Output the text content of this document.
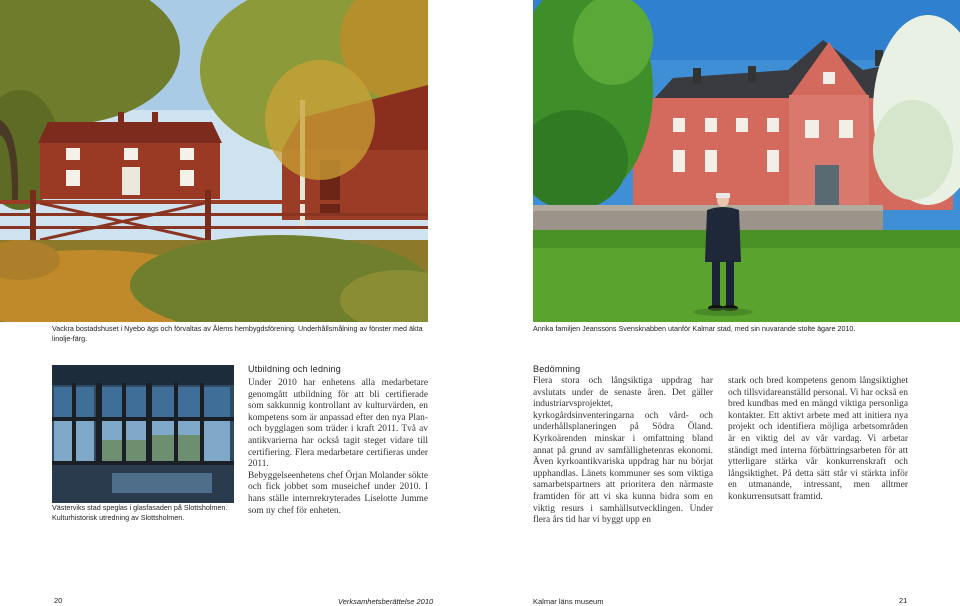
Vackra bostadshuset i Nyebo ägs och förvaltas av Ålems hembygdsförening. Underhållsmålning av fönster med äkta linolje-färg.
Västerviks stad speglas i glasfasaden på Slottsholmen.
Kulturhistorisk utredning av Slottsholmen.
Utbildning och ledning

Under 2010 har enhetens alla medarbetare genomgått utbildning för att bli certifierade som sakkunnig kontrollant av kulturvärden, en kompetens som är anpassad efter den nya Plan- och bygglagen som träder i kraft 2011. Två av antikvarierna har också tagit steget vidare till certifiering. Flera medarbetare certifieras under 2011.

Bebyggelseenhetens chef Örjan Molander sökte och fick jobbet som museichef under 2010. I hans ställe internrekryterades Liselotte Jumme som ny chef för enheten.

20	Verksamhetsberättelse 2010
Anrika familjen Jeanssons Svensknabben utanför Kalmar stad, med sin nuvarande stolte ägare 2010.
Bedömning
Flera stora och långsiktiga uppdrag har avslutats under de senaste åren. Det gäller industriarvsprojektet, kyrkogårdsinventeringarna och vård- och underhållsplaneringen på Södra Öland. Kyrkoärenden minskar i omfattning bland annat på grund av samfällighetenras ekonomi. Även kyrkoantikvariska uppdrag har nu börjat upphandlas. Länets kommuner ses som viktiga samarbetspartners att prioritera den närmaste framtiden för att vi ska kunna bidra som en viktig resurs i samhällsutvecklingen. Under flera års tid har vi byggt upp en
stark och bred kompetens genom långsiktighet och tillsvidareanställd personal. Vi har också en bred kundbas med en mängd viktiga personliga kontakter. Ett aktivt arbete med att initiera nya projekt och identifiera möjliga arbetsområden är en viktig del av vår vardag. Vi arbetar ständigt med interna förbättringsarbeten för att ytterligare stärka vår konkurrenskraft och långsiktighet. På detta sätt står vi stärkta inför en utmanande, intressant, men alltmer konkurrensutsatt framtid.
Kalmar läns museum	21
